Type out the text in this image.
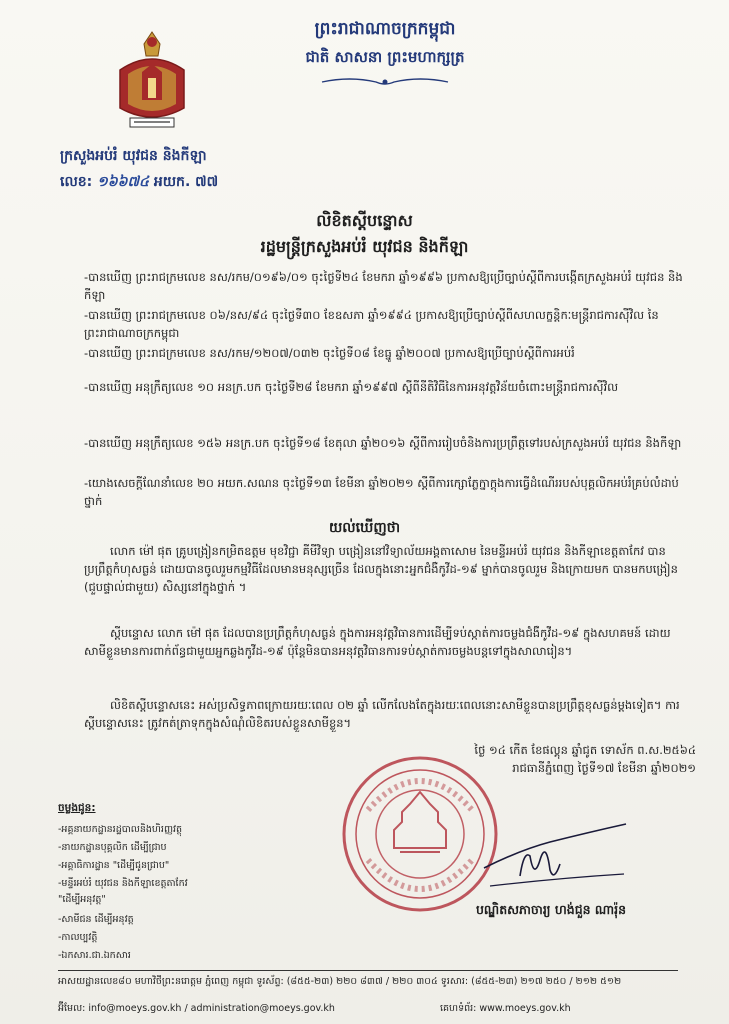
ព្រះរាជាណាចក្រកម្ពុជា
ជាតិ សាសនា ព្រះមហាក្សត្រ
ក្រសួងអប់រំ យុវជន និងកីឡា
លេខ: ១៦៦៧៤ អយក. ៧៧
លិខិតស្តីបន្ទោស
រដ្ឋមន្ត្រីក្រសួងអប់រំ យុវជន និងកីឡា
-បានឃើញ ព្រះរាជក្រមលេខ នស/រកម/០១៩៦/០១ ចុះថ្ងៃទី២៤ ខែមករា ឆ្នាំ១៩៩៦ ប្រកាសឱ្យប្រើច្បាប់ស្តីពីការបង្កើតក្រសួងអប់រំ យុវជន និងកីឡា
-បានឃើញ ព្រះរាជក្រមលេខ ០៦/នស/៩៤ ចុះថ្ងៃទី៣០ ខែឧសភា ឆ្នាំ១៩៩៤ ប្រកាសឱ្យប្រើច្បាប់ស្តីពីសហលក្ខន្តិកៈមន្ត្រីរាជការស៊ីវិល នៃព្រះរាជាណាចក្រកម្ពុជា
-បានឃើញ ព្រះរាជក្រមលេខ នស/រកម/១២០៧/០៣២ ចុះថ្ងៃទី០៨ ខែធ្នូ ឆ្នាំ២០០៧ ប្រកាសឱ្យប្រើច្បាប់ស្តីពីការអប់រំ
-បានឃើញ អនុក្រឹត្យលេខ ១០ អនក្រ.បក ចុះថ្ងៃទី២៨ ខែមករា ឆ្នាំ១៩៩៧ ស្តីពីនីតិវិធីនៃការអនុវត្តវិន័យចំពោះមន្ត្រីរាជការស៊ីវិល
-បានឃើញ អនុក្រឹត្យលេខ ១៥៦ អនក្រ.បក ចុះថ្ងៃទី១៨ ខែតុលា ឆ្នាំ២០១៦ ស្តីពីការរៀបចំនិងការប្រព្រឹត្តទៅរបស់ក្រសួងអប់រំ យុវជន និងកីឡា
-យោងសេចក្តីណែនាំលេខ ២០ អយក.សណន ចុះថ្ងៃទី១៣ ខែមីនា ឆ្នាំ២០២១ ស្តីពីការក្សោភ្លែក្នាក្តុងការធ្វើដំណើររបស់បុគ្គលិកអប់រំគ្រប់លំដាប់ថ្នាក់
យល់ឃើញថា
លោក ម៉ៅ ផុត គ្រូបង្រៀនកម្រិតឧត្តម មុខវិជ្ជា គីមីវិទ្យា បង្រៀននៅវិទ្យាល័យអង្គតាសោម នៃមន្ទីរអប់រំ យុវជន និងកីឡាខេត្តតាកែវ បានប្រព្រឹត្តកំហុសធ្ងន់ ដោយបានចូលរួមកម្មវិធីដែលមានមនុស្សច្រើន ដែលក្នុងនោះអ្នកជំងឺកូវីដ-១៩ ម្នាក់បានចូលរួម និងក្រោយមក បានមកបង្រៀន (ជួបផ្ទាល់ជាមួយ) សិស្សនៅក្នុងថ្នាក់ ។
ស្តីបន្ទោស លោក ម៉ៅ ផុត ដែលបានប្រព្រឹត្តកំហុសធ្ងន់ ក្នុងការអនុវត្តវិធានការដើម្បីទប់ស្កាត់ការចម្លងជំងឺកូវីដ-១៩ ក្នុងសហគមន៍ ដោយសាមីខ្លួនមានការពាក់ព័ន្ធជាមួយអ្នកឆ្លងកូវីដ-១៩ ប៉ុន្តែមិនបានអនុវត្តវិធានការទប់ស្កាត់ការចម្លងបន្តទៅក្នុងសាលារៀន។
លិខិតស្តីបន្ទោសនេះ អស់ប្រសិទ្ធភាពក្រោយរយៈពេល ០២ ឆ្នាំ លើកលែងតែក្នុងរយៈពេលនោះសាមីខ្លួនបានប្រព្រឹត្តខុសធ្ងន់ម្តងទៀត។ ការស្តីបន្ទោសនេះ ត្រូវកត់ត្រាទុកក្នុងសំណុំលិខិតរបស់ខ្លួនសាមីខ្លួន។
ថ្ងៃ ១៤ កើត ខែផល្គុន ឆ្នាំជូត ទោស័ក ព.ស.២៥៦៤
រាជធានីភ្នំពេញ ថ្ងៃទី១៧ ខែមីនា ឆ្នាំ២០២១
បណ្ឌិតសភាចារ្យ ហង់ជួន ណារ៉ុន
ចម្លងជូន:
-អគ្គនាយកដ្ឋានរដ្ឋបាលនិងហិរញ្ញវត្ថុ
-នាយកដ្ឋានបុគ្គលិក ដើម្បីជ្រាប
-អគ្គាធិការដ្ឋាន "ដើម្បីជូនជ្រាប"
-មន្ទីរអប់រំ យុវជន និងកីឡាខេត្តតាកែវ
"ដើម្បីអនុវត្ត"
-សាមីជន ដើម្បីអនុវត្ត
-កាលប្បវត្តិ
-ឯកសារ.ជា.ឯកសារ
អាសយដ្ឋានលេខ៨០ មហាវិថីព្រះនរោត្តម ភ្នំពេញ កម្ពុជា ទូរស័ព្ទ: (៨៥៥-២៣) ២២០ ៨៣៧ / ២២០ ៣០៤ ទូរសារ: (៨៥៥-២៣) ២១៧ ២៥០ / ២១២ ៥១២
អ៊ីមែល: info@moeys.gov.kh / administration@moeys.gov.kh	គេហទំព័រ: www.moeys.gov.kh
